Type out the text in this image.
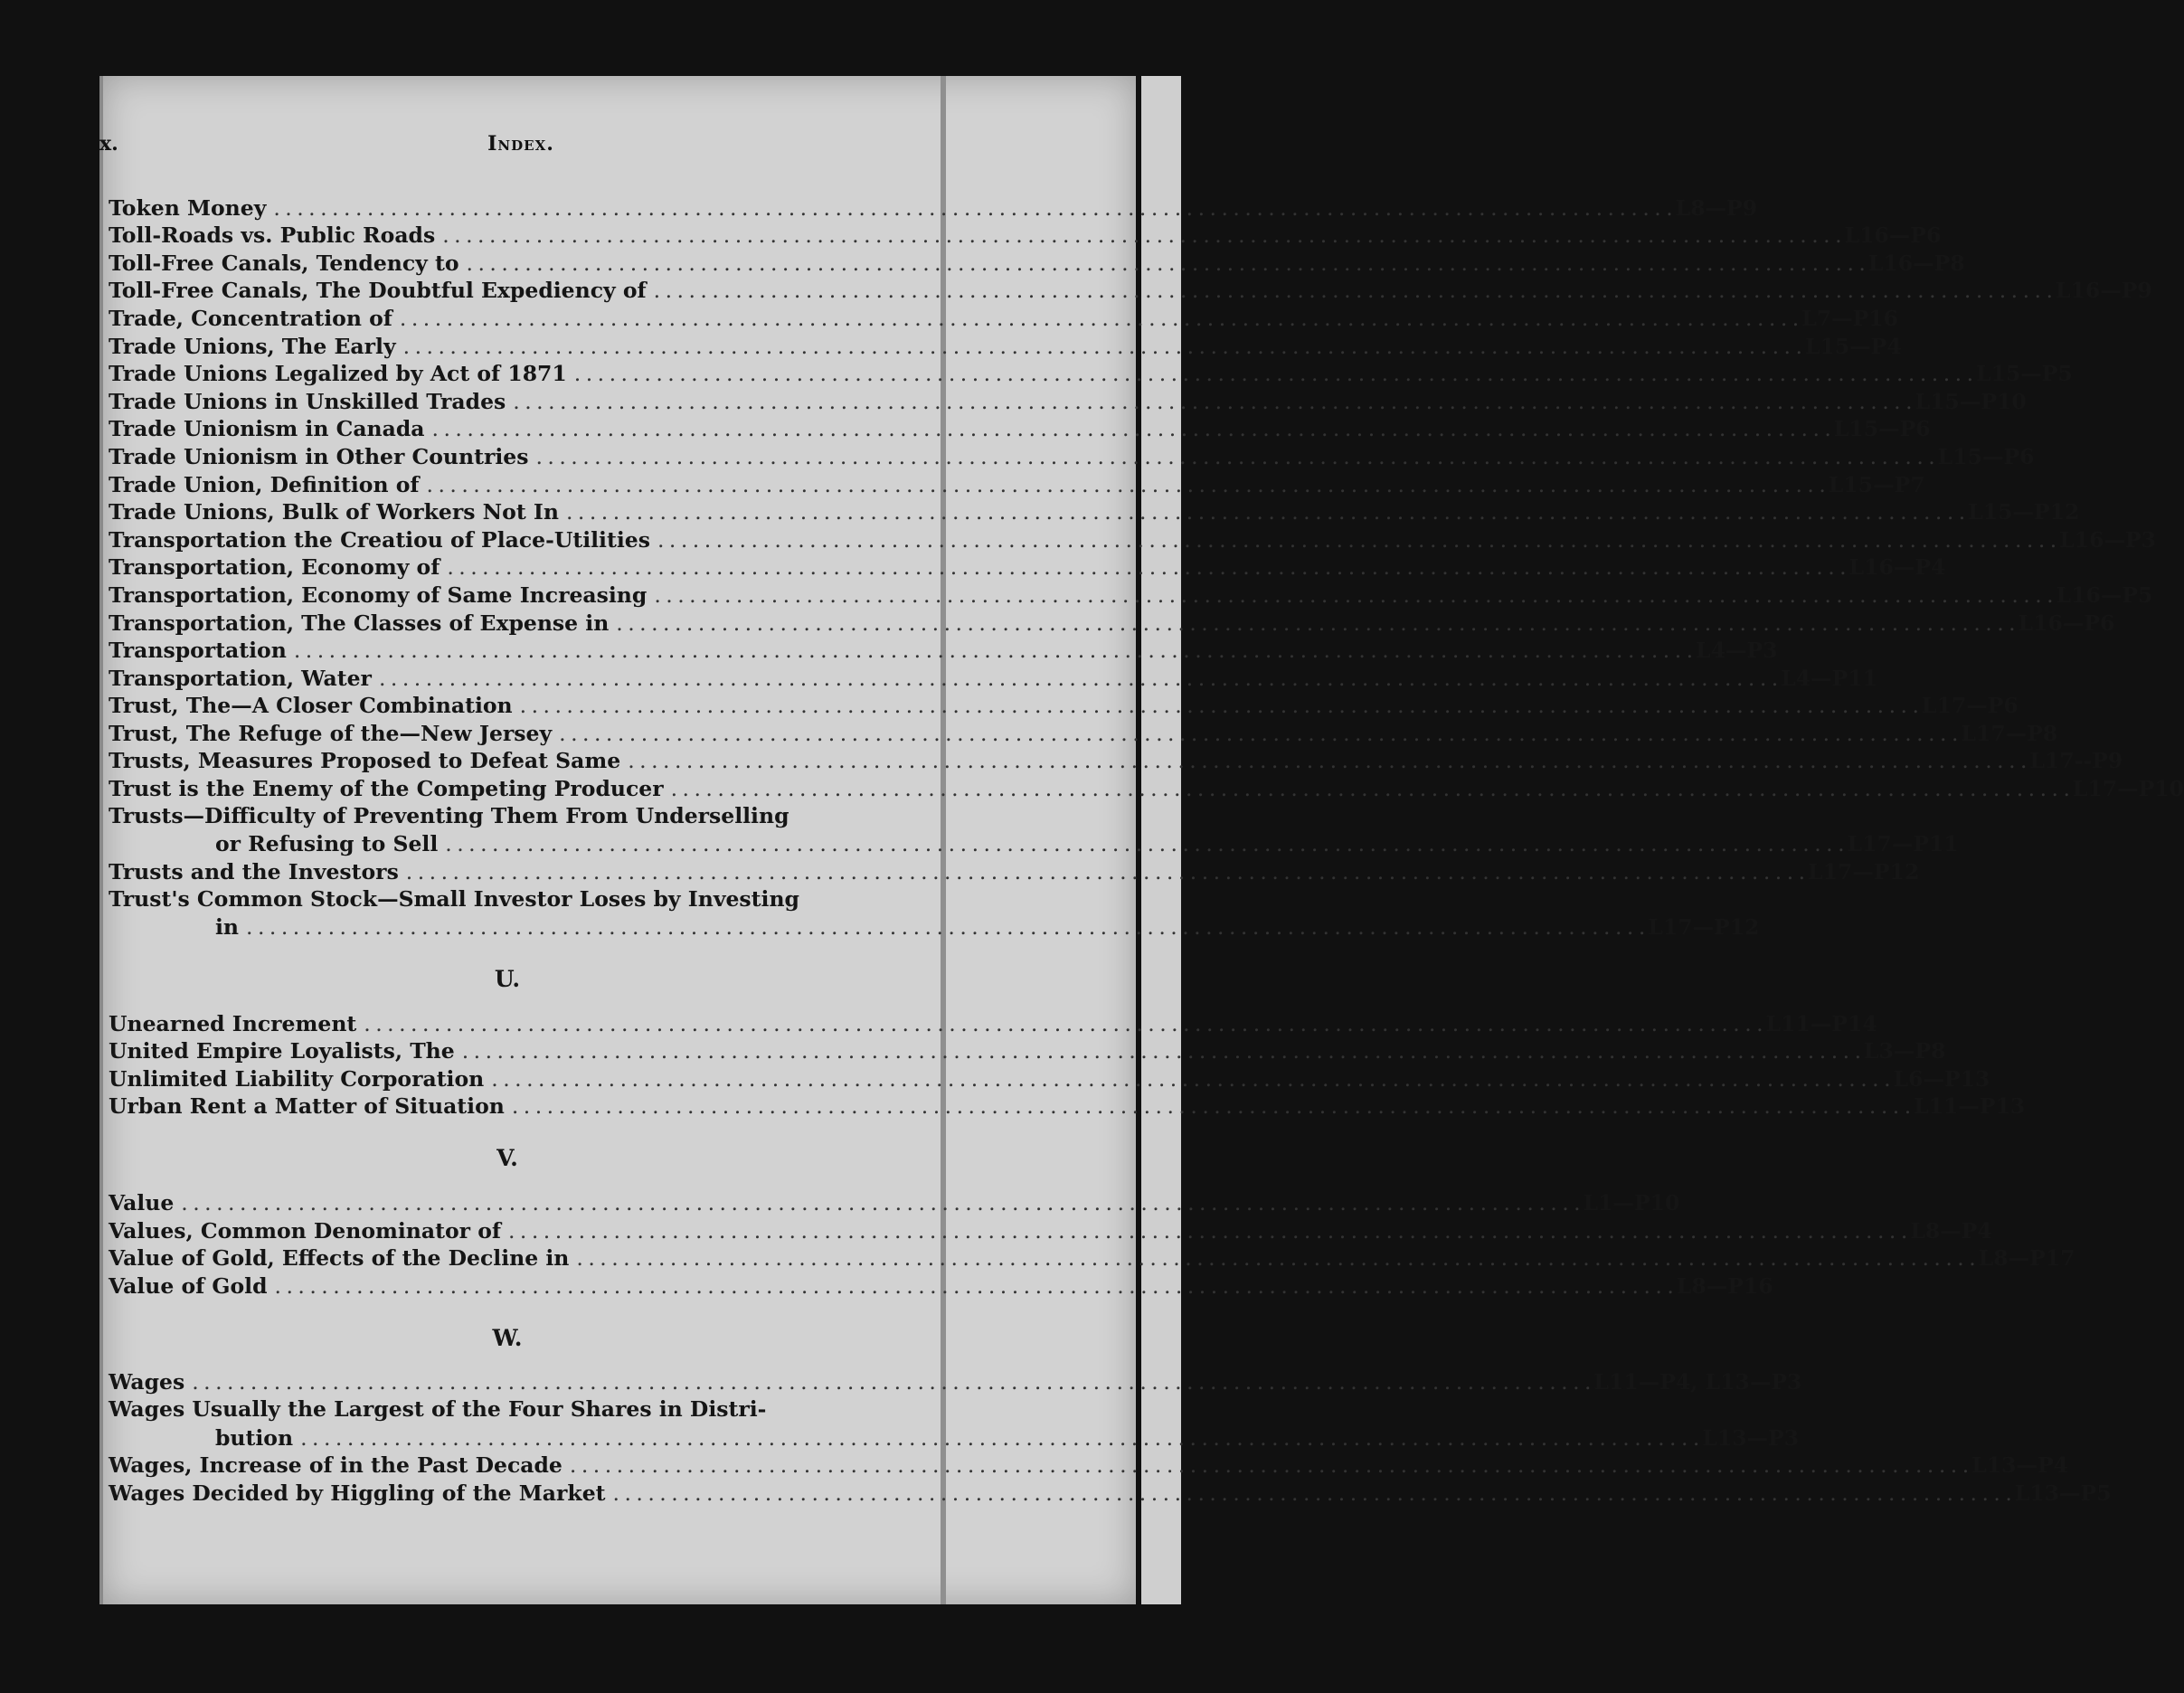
x.	Index.
Token Money . . .	L8—P9
Toll-Roads vs. Public Roads . . .	L16—P6
Toll-Free Canals, Tendency to . . .	L16—P8
Toll-Free Canals, The Doubtful Expediency of . . .	L16—P9
Trade, Concentration of . . .	L7—P16
Trade Unions, The Early . . .	L15—P4
Trade Unions Legalized by Act of 1871 . . .	L15—P5
Trade Unions in Unskilled Trades . . .	L15—P10
Trade Unionism in Canada . . .	L15—P6
Trade Unionism in Other Countries . . .	L15—P6
Trade Union, Definition of . . .	L15—P7
Trade Unions, Bulk of Workers Not In . . .	L15—P12
Transportation the Creatiou of Place-Utilities . . .	L16—P3
Transportation, Economy of . . .	L16—P4
Transportation, Economy of Same Increasing . . .	L16—P5
Transportation, The Classes of Expense in . . .	L16—P6
Transportation . . .	L4—P3
Transportation, Water . . .	L4—P11
Trust, The—A Closer Combination . . .	L17—P6
Trust, The Refuge of the—New Jersey . . .	L17—P8
Trusts, Measures Proposed to Defeat Same . . .	L17--P9
Trust is the Enemy of the Competing Producer . . .	L17—P10
Trusts—Difficulty of Preventing Them From Underselling
or Refusing to Sell . . .	L17—P11
Trusts and the Investors . . .	L17—P12
Trust's Common Stock—Small Investor Loses by Investing
in . . .	L17—P12
U.
Unearned Increment . . .	L11—P14
United Empire Loyalists, The . . .	L3—P8
Unlimited Liability Corporation . . .	L6—P13
Urban Rent a Matter of Situation . . .	L11—P13
V.
Value . . .	L1—P10
Values, Common Denominator of . . .	L8—P4
Value of Gold, Effects of the Decline in . . .	L8—P17
Value of Gold . . .	L8—P16
W.
Wages . . .	L11—P4, L13—P3
Wages Usually the Largest of the Four Shares in Distri-
bution . . .	L13—P3
Wages, Increase of in the Past Decade . . .	L13—P4
Wages Decided by Higgling of the Market . . .	L13—P5
